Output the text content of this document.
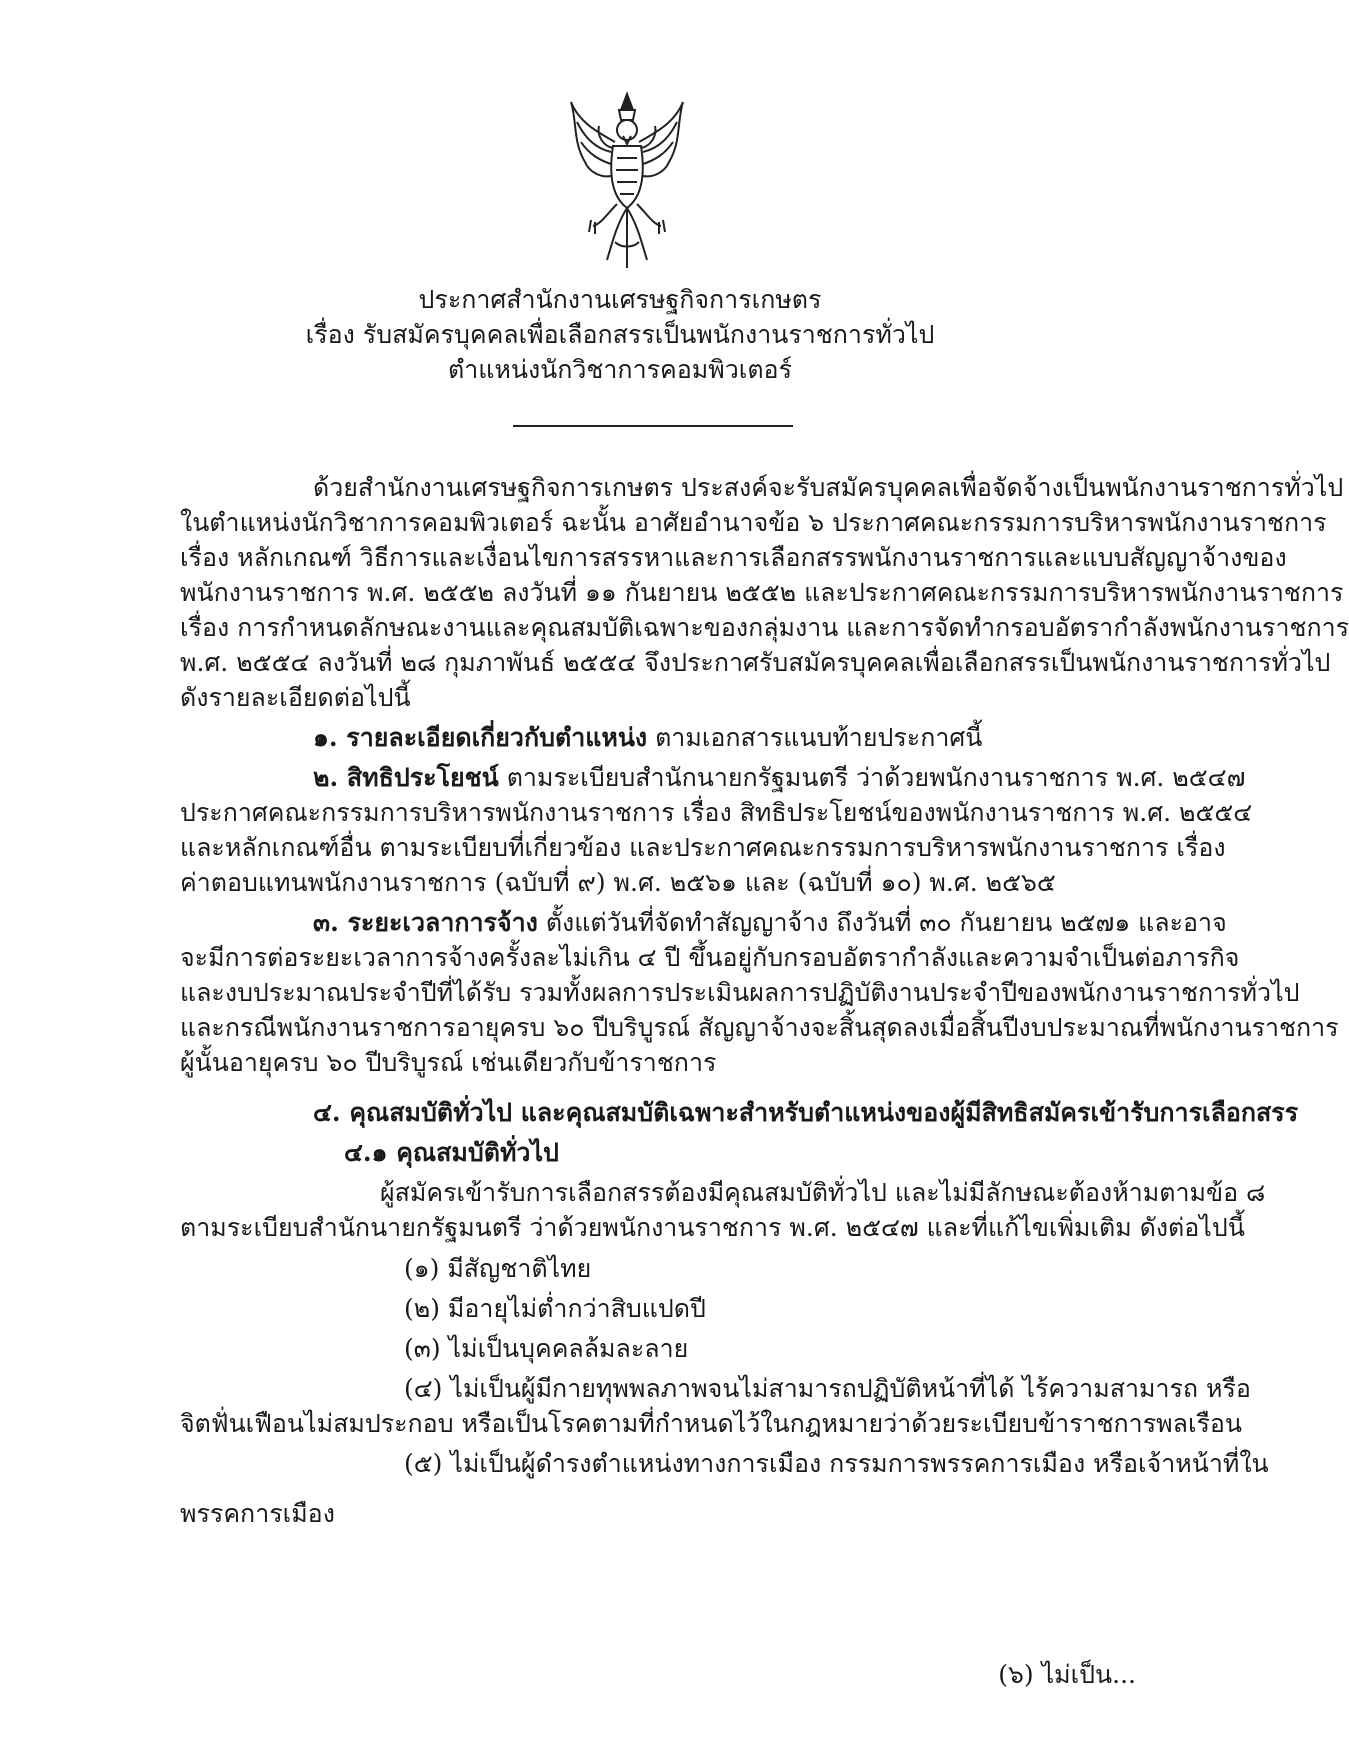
ประกาศสำนักงานเศรษฐกิจการเกษตร
เรื่อง รับสมัครบุคคลเพื่อเลือกสรรเป็นพนักงานราชการทั่วไป
ตำแหน่งนักวิชาการคอมพิวเตอร์
ด้วยสำนักงานเศรษฐกิจการเกษตร ประสงค์จะรับสมัครบุคคลเพื่อจัดจ้างเป็นพนักงานราชการทั่วไป
ในตำแหน่งนักวิชาการคอมพิวเตอร์ ฉะนั้น อาศัยอำนาจข้อ ๖ ประกาศคณะกรรมการบริหารพนักงานราชการ
เรื่อง หลักเกณฑ์ วิธีการและเงื่อนไขการสรรหาและการเลือกสรรพนักงานราชการและแบบสัญญาจ้างของ
พนักงานราชการ พ.ศ. ๒๕๕๒ ลงวันที่ ๑๑ กันยายน ๒๕๕๒ และประกาศคณะกรรมการบริหารพนักงานราชการ
เรื่อง การกำหนดลักษณะงานและคุณสมบัติเฉพาะของกลุ่มงาน และการจัดทำกรอบอัตรากำลังพนักงานราชการ
พ.ศ. ๒๕๕๔ ลงวันที่ ๒๘ กุมภาพันธ์ ๒๕๕๔ จึงประกาศรับสมัครบุคคลเพื่อเลือกสรรเป็นพนักงานราชการทั่วไป
ดังรายละเอียดต่อไปนี้
๑. รายละเอียดเกี่ยวกับตำแหน่ง ตามเอกสารแนบท้ายประกาศนี้
๒. สิทธิประโยชน์ ตามระเบียบสำนักนายกรัฐมนตรี ว่าด้วยพนักงานราชการ พ.ศ. ๒๕๔๗
ประกาศคณะกรรมการบริหารพนักงานราชการ เรื่อง สิทธิประโยชน์ของพนักงานราชการ พ.ศ. ๒๕๕๔
และหลักเกณฑ์อื่น ตามระเบียบที่เกี่ยวข้อง และประกาศคณะกรรมการบริหารพนักงานราชการ เรื่อง
ค่าตอบแทนพนักงานราชการ (ฉบับที่ ๙) พ.ศ. ๒๕๖๑ และ (ฉบับที่ ๑๐) พ.ศ. ๒๕๖๕
๓. ระยะเวลาการจ้าง ตั้งแต่วันที่จัดทำสัญญาจ้าง ถึงวันที่ ๓๐ กันยายน ๒๕๗๑ และอาจ
จะมีการต่อระยะเวลาการจ้างครั้งละไม่เกิน ๔ ปี ขึ้นอยู่กับกรอบอัตรากำลังและความจำเป็นต่อภารกิจ
และงบประมาณประจำปีที่ได้รับ รวมทั้งผลการประเมินผลการปฏิบัติงานประจำปีของพนักงานราชการทั่วไป
และกรณีพนักงานราชการอายุครบ ๖๐ ปีบริบูรณ์ สัญญาจ้างจะสิ้นสุดลงเมื่อสิ้นปีงบประมาณที่พนักงานราชการ
ผู้นั้นอายุครบ ๖๐ ปีบริบูรณ์ เช่นเดียวกับข้าราชการ
๔. คุณสมบัติทั่วไป และคุณสมบัติเฉพาะสำหรับตำแหน่งของผู้มีสิทธิสมัครเข้ารับการเลือกสรร
๔.๑ คุณสมบัติทั่วไป
ผู้สมัครเข้ารับการเลือกสรรต้องมีคุณสมบัติทั่วไป และไม่มีลักษณะต้องห้ามตามข้อ ๘
ตามระเบียบสำนักนายกรัฐมนตรี ว่าด้วยพนักงานราชการ พ.ศ. ๒๕๔๗ และที่แก้ไขเพิ่มเติม ดังต่อไปนี้
(๑) มีสัญชาติไทย
(๒) มีอายุไม่ต่ำกว่าสิบแปดปี
(๓) ไม่เป็นบุคคลล้มละลาย
(๔) ไม่เป็นผู้มีกายทุพพลภาพจนไม่สามารถปฏิบัติหน้าที่ได้ ไร้ความสามารถ หรือ
จิตฟั่นเฟือนไม่สมประกอบ หรือเป็นโรคตามที่กำหนดไว้ในกฎหมายว่าด้วยระเบียบข้าราชการพลเรือน
(๕) ไม่เป็นผู้ดำรงตำแหน่งทางการเมือง กรรมการพรรคการเมือง หรือเจ้าหน้าที่ใน
พรรคการเมือง
(๖) ไม่เป็น...
